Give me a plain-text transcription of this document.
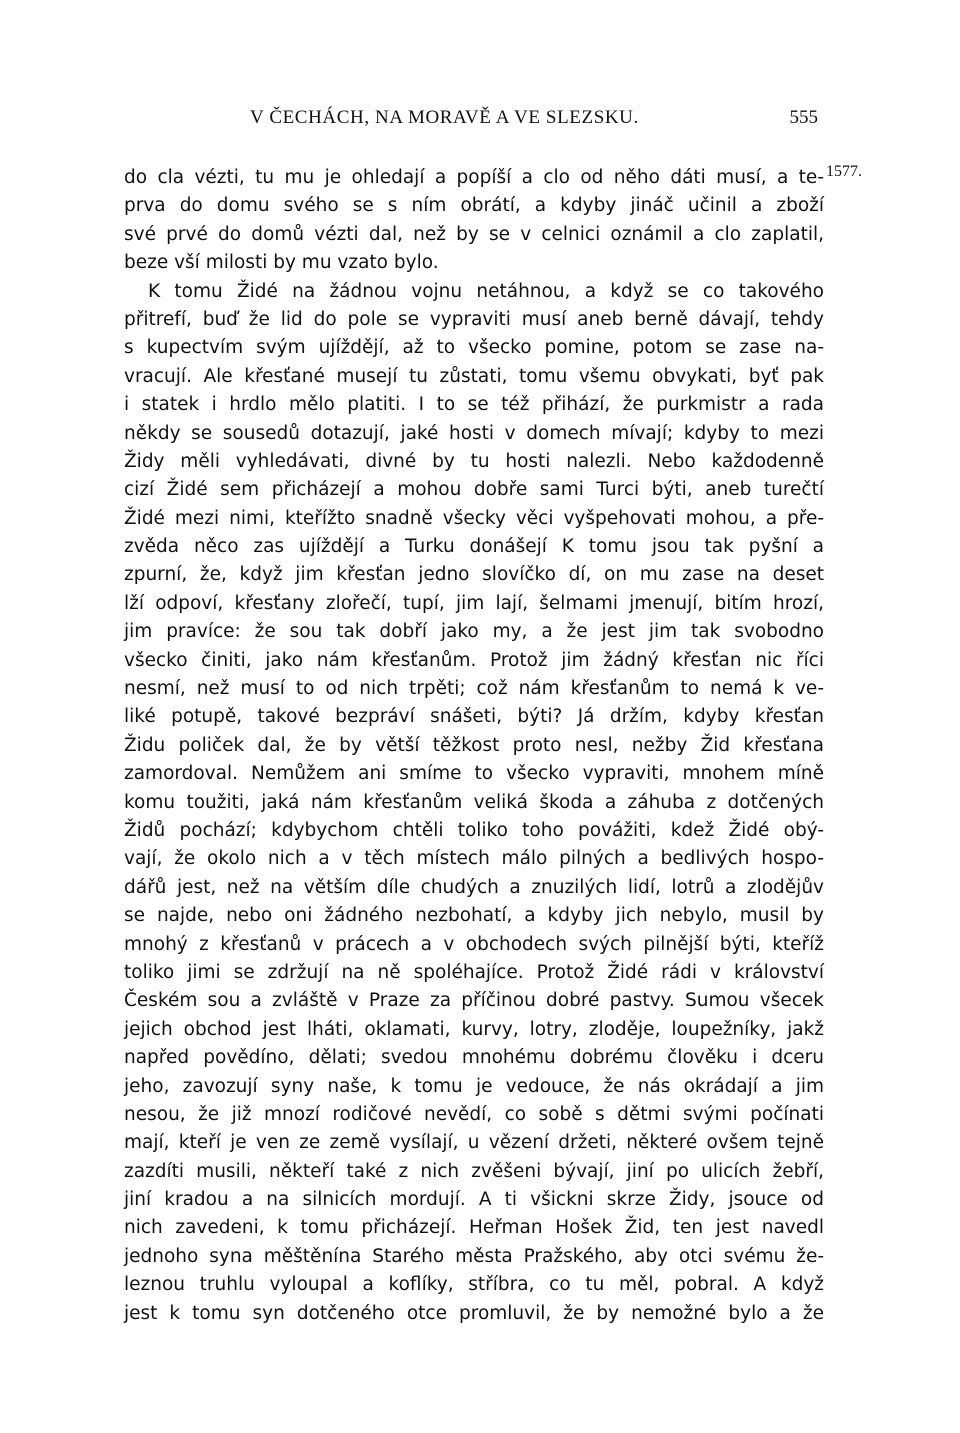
V ČECHÁCH, NA MORAVĚ A VE SLEZSKU.	555
1577.
do cla vézti, tu mu je ohledají a popíší a clo od něho dáti musí, a te-
prva do domu svého se s ním obrátí, a kdyby jináč učinil a zboží
své prvé do domů vézti dal, než by se v celnici oznámil a clo zaplatil,
beze vší milosti by mu vzato bylo.
K tomu Židé na žádnou vojnu netáhnou, a když se co takového
přitrefí, buď že lid do pole se vypraviti musí aneb berně dávají, tehdy
s kupectvím svým ujíždějí, až to všecko pomine, potom se zase na-
vracují. Ale křesťané musejí tu zůstati, tomu všemu obvykati, byť pak
i statek i hrdlo mělo platiti. I to se též přihází, že purkmistr a rada
někdy se sousedů dotazují, jaké hosti v domech mívají; kdyby to mezi
Židy měli vyhledávati, divné by tu hosti nalezli. Nebo každodenně
cizí Židé sem přicházejí a mohou dobře sami Turci býti, aneb turečtí
Židé mezi nimi, kteřížto snadně všecky věci vyšpehovati mohou, a pře-
zvěda něco zas ujíždějí a Turku donášejí K tomu jsou tak pyšní a
zpurní, že, když jim křesťan jedno slovíčko dí, on mu zase na deset
lží odpoví, křesťany zlořečí, tupí, jim lají, šelmami jmenují, bitím hrozí,
jim pravíce: že sou tak dobří jako my, a že jest jim tak svobodno
všecko činiti, jako nám křesťanům. Protož jim žádný křesťan nic říci
nesmí, než musí to od nich trpěti; což nám křesťanům to nemá k ve-
liké potupě, takové bezpráví snášeti, býti? Já držím, kdyby křesťan
Židu poliček dal, že by větší těžkost proto nesl, nežby Žid křesťana
zamordoval. Nemůžem ani smíme to všecko vypraviti, mnohem míně
komu toužiti, jaká nám křesťanům veliká škoda a záhuba z dotčených
Židů pochází; kdybychom chtěli toliko toho povážiti, kdež Židé obý-
vají, že okolo nich a v těch místech málo pilných a bedlivých hospo-
dářů jest, než na větším díle chudých a znuzilých lidí, lotrů a zlodějův
se najde, nebo oni žádného nezbohatí, a kdyby jich nebylo, musil by
mnohý z křesťanů v prácech a v obchodech svých pilnější býti, kteříž
toliko jimi se zdržují na ně spoléhajíce. Protož Židé rádi v království
Českém sou a zvláště v Praze za příčinou dobré pastvy. Sumou všecek
jejich obchod jest lháti, oklamati, kurvy, lotry, zloděje, loupežníky, jakž
napřed povědíno, dělati; svedou mnohému dobrému člověku i dceru
jeho, zavozují syny naše, k tomu je vedouce, že nás okrádají a jim
nesou, že již mnozí rodičové nevědí, co sobě s dětmi svými počínati
mají, kteří je ven ze země vysílají, u vězení držeti, některé ovšem tejně
zazdíti musili, někteří také z nich zvěšeni bývají, jiní po ulicích žebří,
jiní kradou a na silnicích mordují. A ti všickni skrze Židy, jsouce od
nich zavedeni, k tomu přicházejí. Heřman Hošek Žid, ten jest navedl
jednoho syna měštěnína Starého města Pražského, aby otci svému že-
leznou truhlu vyloupal a koflíky, stříbra, co tu měl, pobral. A když
jest k tomu syn dotčeného otce promluvil, že by nemožné bylo a že
